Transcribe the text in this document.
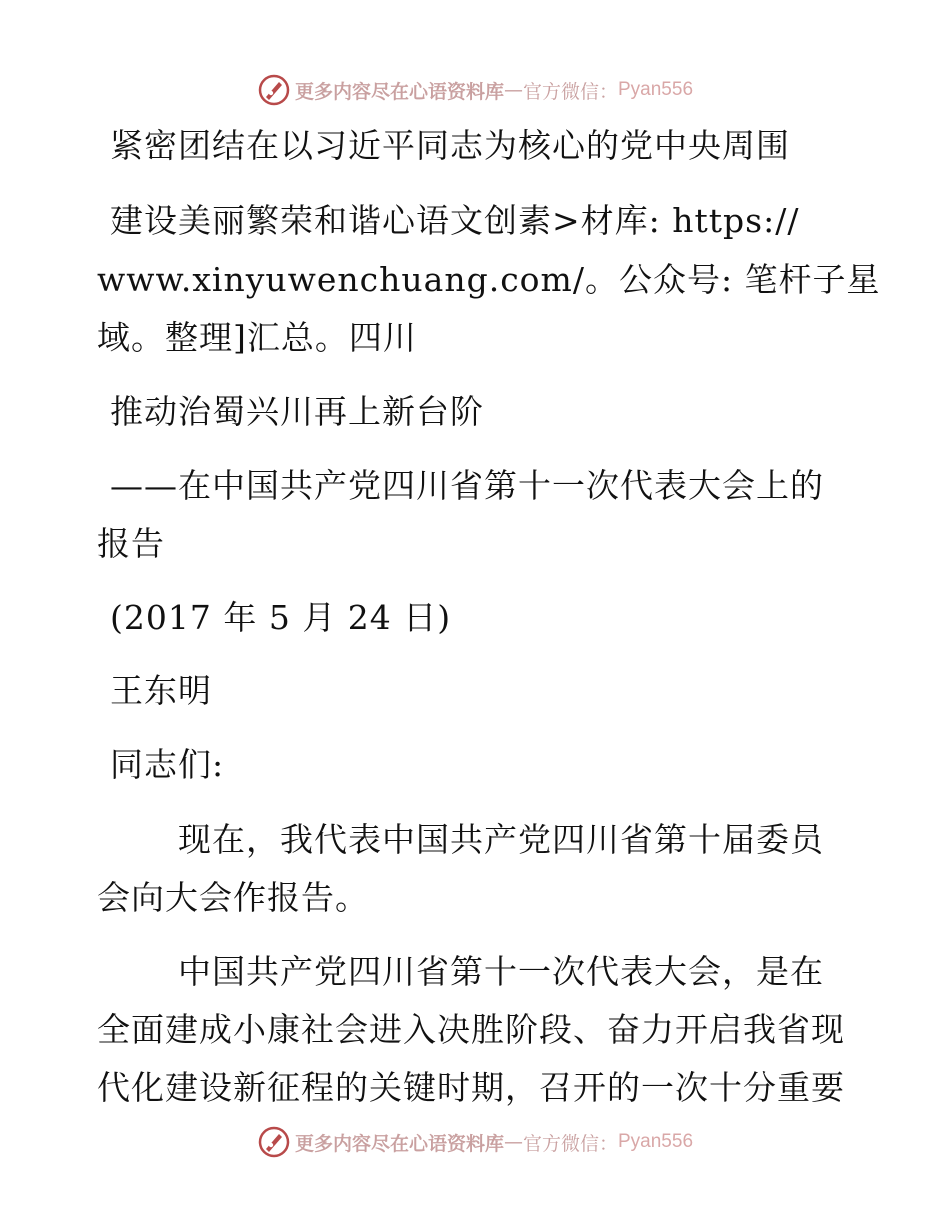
更多内容尽在心语资料库 — 官方微信： Pyan556
紧密团结在以习近平同志为核心的党中央周围
建设美丽繁荣和谐心语文创素>材库: https://
www.xinyuwenchuang.com/。公众号: 笔杆子星
域。整理]汇总。四川
推动治蜀兴川再上新台阶
——在中国共产党四川省第十一次代表大会上的
报告
(2017 年 5 月 24 日)
王东明
同志们:
现在，我代表中国共产党四川省第十届委员
会向大会作报告。
中国共产党四川省第十一次代表大会，是在
全面建成小康社会进入决胜阶段、奋力开启我省现
代化建设新征程的关键时期，召开的一次十分重要
更多内容尽在心语资料库 — 官方微信： Pyan556
